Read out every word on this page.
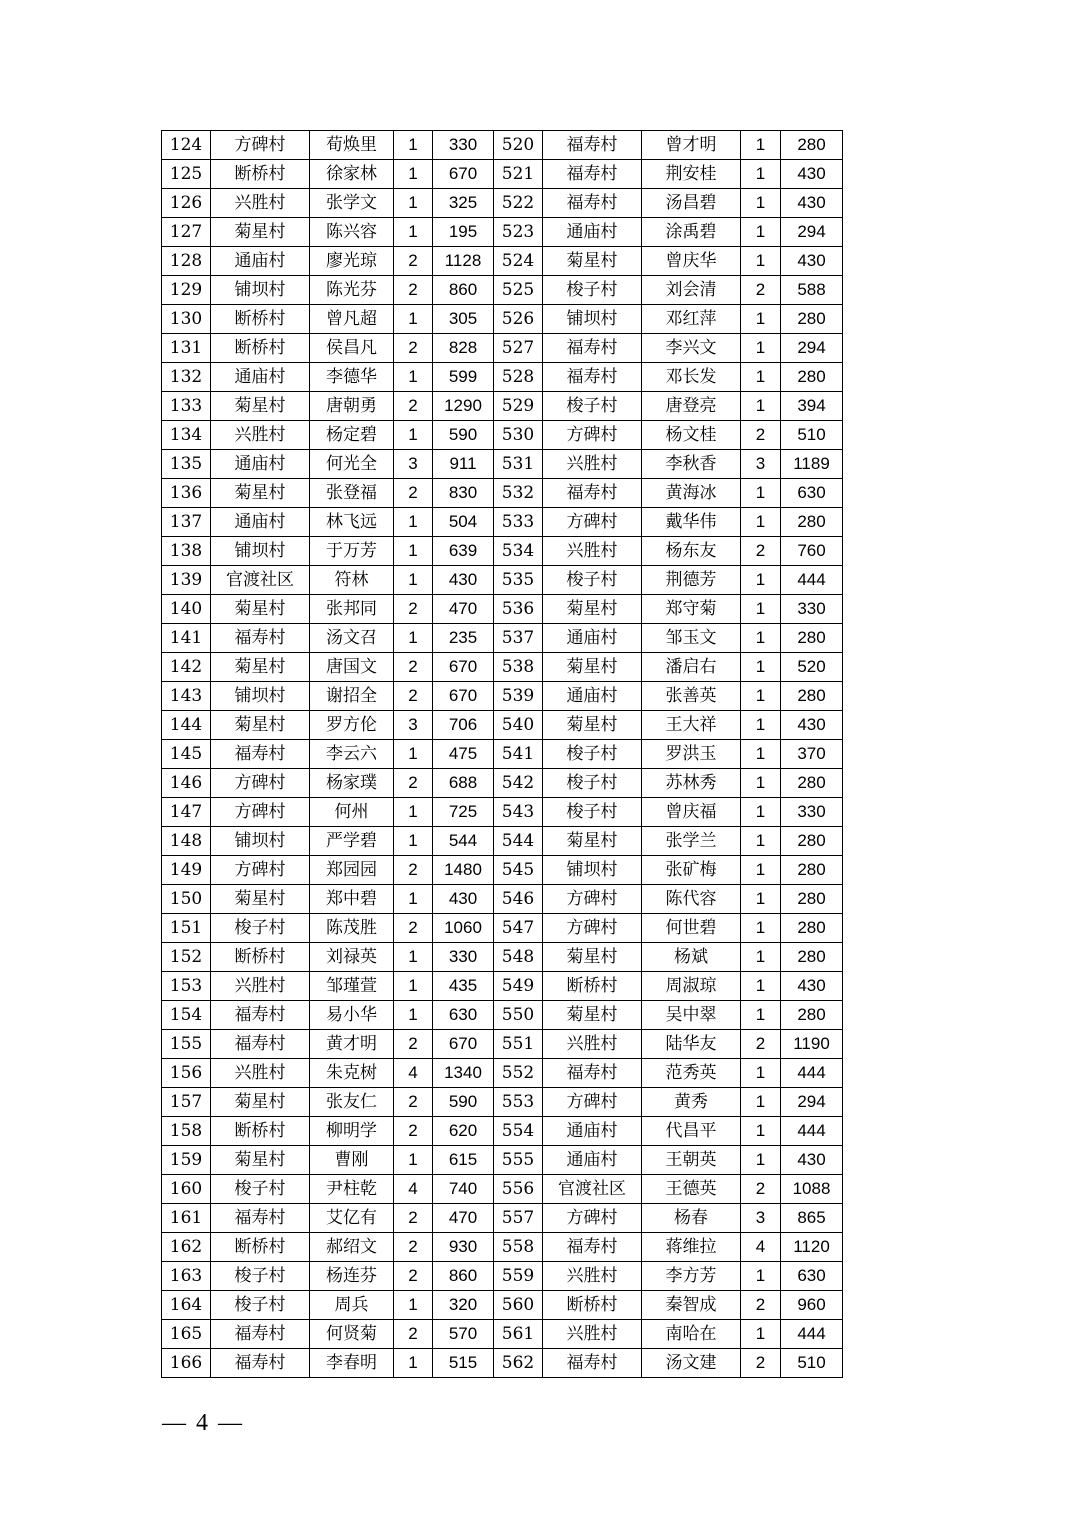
124	方碑村	荀焕里	1	330	520	福寿村	曾才明	1	280
125	断桥村	徐家林	1	670	521	福寿村	荆安桂	1	430
126	兴胜村	张学文	1	325	522	福寿村	汤昌碧	1	430
127	菊星村	陈兴容	1	195	523	通庙村	涂禹碧	1	294
128	通庙村	廖光琼	2	1128	524	菊星村	曾庆华	1	430
129	铺坝村	陈光芬	2	860	525	梭子村	刘会清	2	588
130	断桥村	曾凡超	1	305	526	铺坝村	邓红萍	1	280
131	断桥村	侯昌凡	2	828	527	福寿村	李兴文	1	294
132	通庙村	李德华	1	599	528	福寿村	邓长发	1	280
133	菊星村	唐朝勇	2	1290	529	梭子村	唐登亮	1	394
134	兴胜村	杨定碧	1	590	530	方碑村	杨文桂	2	510
135	通庙村	何光全	3	911	531	兴胜村	李秋香	3	1189
136	菊星村	张登福	2	830	532	福寿村	黄海冰	1	630
137	通庙村	林飞远	1	504	533	方碑村	戴华伟	1	280
138	铺坝村	于万芳	1	639	534	兴胜村	杨东友	2	760
139	官渡社区	符林	1	430	535	梭子村	荆德芳	1	444
140	菊星村	张邦同	2	470	536	菊星村	郑守菊	1	330
141	福寿村	汤文召	1	235	537	通庙村	邹玉文	1	280
142	菊星村	唐国文	2	670	538	菊星村	潘启右	1	520
143	铺坝村	谢招全	2	670	539	通庙村	张善英	1	280
144	菊星村	罗方伦	3	706	540	菊星村	王大祥	1	430
145	福寿村	李云六	1	475	541	梭子村	罗洪玉	1	370
146	方碑村	杨家璞	2	688	542	梭子村	苏林秀	1	280
147	方碑村	何州	1	725	543	梭子村	曾庆福	1	330
148	铺坝村	严学碧	1	544	544	菊星村	张学兰	1	280
149	方碑村	郑园园	2	1480	545	铺坝村	张矿梅	1	280
150	菊星村	郑中碧	1	430	546	方碑村	陈代容	1	280
151	梭子村	陈茂胜	2	1060	547	方碑村	何世碧	1	280
152	断桥村	刘禄英	1	330	548	菊星村	杨斌	1	280
153	兴胜村	邹瑾萱	1	435	549	断桥村	周淑琼	1	430
154	福寿村	易小华	1	630	550	菊星村	吴中翠	1	280
155	福寿村	黄才明	2	670	551	兴胜村	陆华友	2	1190
156	兴胜村	朱克树	4	1340	552	福寿村	范秀英	1	444
157	菊星村	张友仁	2	590	553	方碑村	黄秀	1	294
158	断桥村	柳明学	2	620	554	通庙村	代昌平	1	444
159	菊星村	曹刚	1	615	555	通庙村	王朝英	1	430
160	梭子村	尹柱乾	4	740	556	官渡社区	王德英	2	1088
161	福寿村	艾亿有	2	470	557	方碑村	杨春	3	865
162	断桥村	郝绍文	2	930	558	福寿村	蒋维拉	4	1120
163	梭子村	杨连芬	2	860	559	兴胜村	李方芳	1	630
164	梭子村	周兵	1	320	560	断桥村	秦智成	2	960
165	福寿村	何贤菊	2	570	561	兴胜村	南哈在	1	444
166	福寿村	李春明	1	515	562	福寿村	汤文建	2	510
— 4 —
